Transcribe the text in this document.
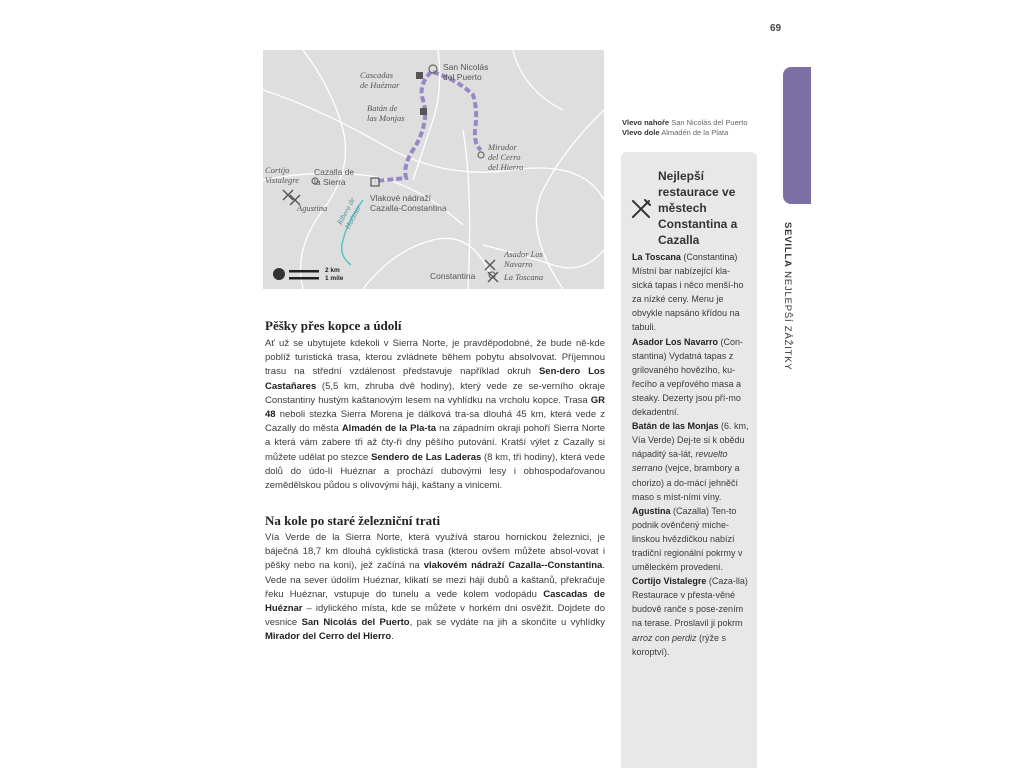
69
SEVILLA NEJLEPŠÍ ZÁŽITKY
San Nicolás
del Puerto
Cascadas
de Huéznar
Batán de
las Monjas
Mirador
del Cerro
del Hierro
Cortijo
Vistalegre
Cazalla de
la Sierra
Agustina
Vlakové nádraží
Cazalla-Constantina
Ribera de
Huéznar
Asador Los
Navarro
Constantina	La Toscana
2 km
1 mile
Vlevo nahoře San Nicolás del Puerto
Vlevo dole Almadén de la Plata
Pěšky přes kopce a údolí

Ať už se ubytujete kdekoli v Sierra Norte, je pravděpodobné, že bude ně-kde poblíž turistická trasa, kterou zvládnete během pobytu absolvovat. Příjemnou trasu na střední vzdálenost představuje například okruh Sen-dero Los Castañares (5,5 km, zhruba dvě hodiny), který vede ze se-verního okraje Constantiny hustým kaštanovým lesem na vyhlídku na vrcholu kopce. Trasa GR 48 neboli stezka Sierra Morena je dálková tra-sa dlouhá 45 km, která vede z Cazally do města Almadén de la Pla-ta na západním okraji pohoří Sierra Norte a která vám zabere tři až čty-ři dny pěšího putování. Kratší výlet z Cazally si můžete udělat po stezce Sendero de Las Laderas (8 km, tři hodiny), která vede dolů do údo-lí Huéznar a prochází dubovými lesy i obhospodařovanou zemědělskou půdou s olivovými háji, kaštany a vinicemi.

Na kole po staré železniční trati

Vía Verde de la Sierra Norte, která využívá starou hornickou železnici, je báječná 18,7 km dlouhá cyklistická trasa (kterou ovšem můžete absol-vovat i pěšky nebo na koni), jež začíná na vlakovém nádraží Cazalla--Constantina. Vede na sever údolím Huéznar, klikatí se mezi háji dubů a kaštanů, překračuje řeku Huéznar, vstupuje do tunelu a vede kolem vodopádu Cascadas de Huéznar – idylického místa, kde se můžete v horkém dni osvěžit. Dojdete do vesnice San Nicolás del Puerto, pak se vydáte na jih a skončíte u vyhlídky Mirador del Cerro del Hierro.

Nejlepší restaurace ve městech Constantina a Cazalla

La Toscana (Constantina) Místní bar nabízející kla-sická tapas i něco menší-ho za nízké ceny. Menu je obvykle napsáno křídou na tabuli.

Asador Los Navarro (Con-stantina) Vydatná tapas z grilovaného hovězího, ku-řecího a vepřového masa a steaky. Dezerty jsou pří-mo dekadentní.

Batán de las Monjas (6. km, Vía Verde) Dej-te si k obědu nápaditý sa-lát, revuelto serrano (vejce, brambory a chorizo) a do-mácí jehněčí maso s míst-ními víny.

Agustina (Cazalla) Ten-to podnik ověnčený miche-linskou hvězdičkou nabízí tradiční regionální pokrmy v uměleckém provedení.

Cortijo Vistalegre (Caza-lla) Restaurace v přesta-věné budově ranče s pose-zením na terase. Proslavil ji pokrm arroz con perdiz (rýže s koroptví).
